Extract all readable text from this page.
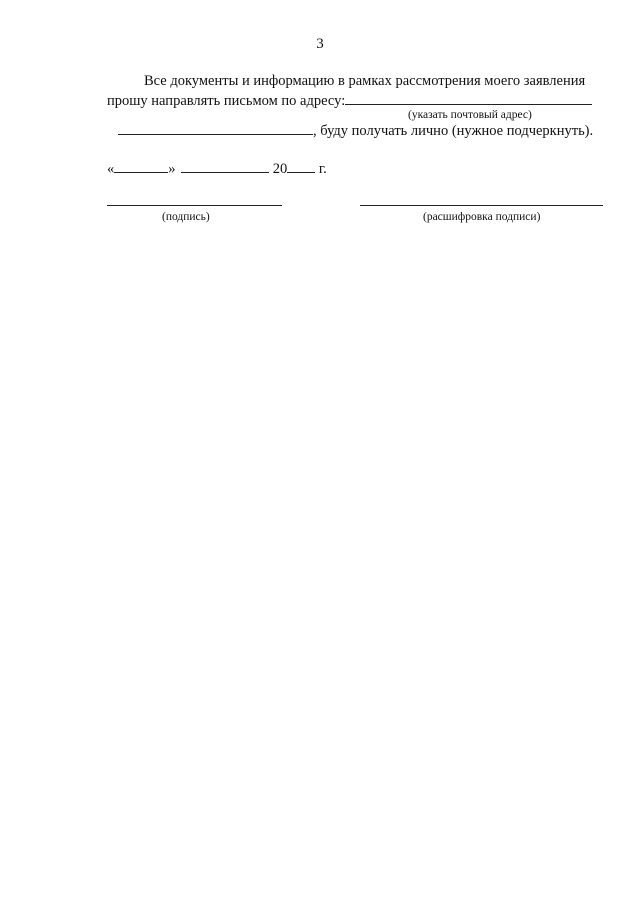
3
Все документы и информацию в рамках рассмотрения моего заявления
прошу направлять письмом по адресу:
(указать почтовый адрес)
, буду получать лично (нужное подчеркнуть).
«	»	20 г.
(подпись)	(расшифровка подписи)
